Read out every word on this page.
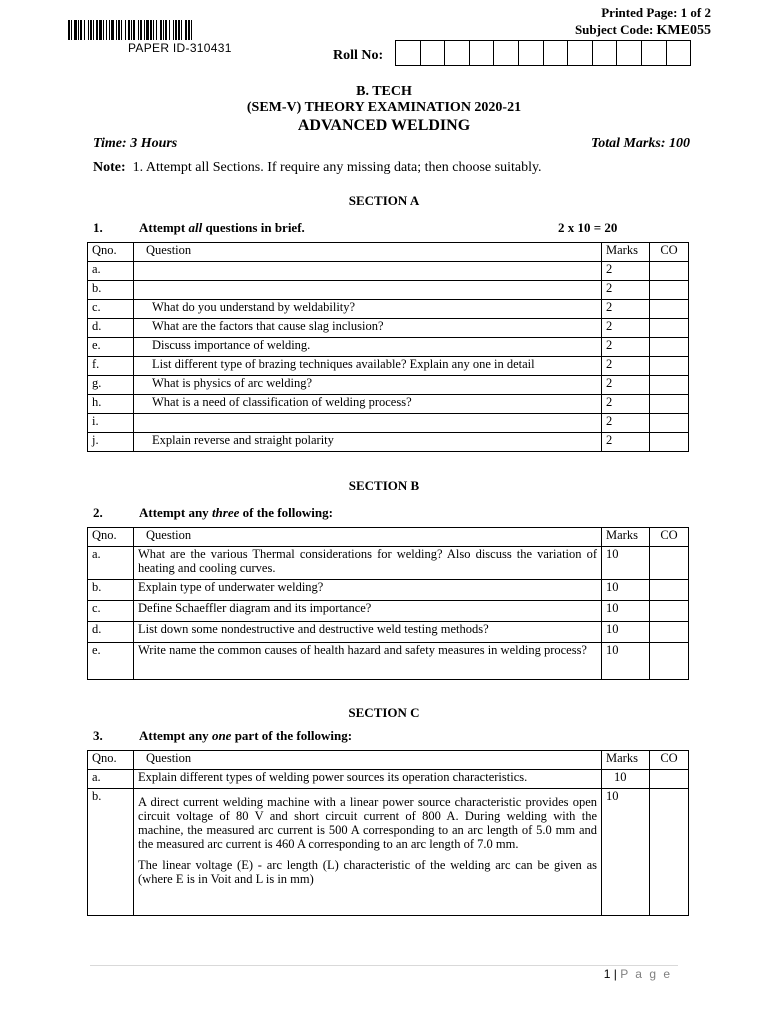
PAPER ID-310431
Printed Page: 1 of 2
Subject Code: KME055
Roll No:
B. TECH
(SEM-V) THEORY EXAMINATION 2020-21
ADVANCED WELDING
Time: 3 Hours	Total Marks: 100
Note: 1. Attempt all Sections. If require any missing data; then choose suitably.
SECTION A
1.	Attempt all questions in brief.	2 x 10 = 20
Qno.	Question	Marks	CO
a.		2	
b.		2	
c.	What do you understand by weldability?	2	
d.	What are the factors that cause slag inclusion?	2	
e.	Discuss importance of welding.	2	
f.	List different type of brazing techniques available? Explain any one in detail	2	
g.	What is physics of arc welding?	2	
h.	What is a need of classification of welding process?	2	
i.		2	
j.	Explain reverse and straight polarity	2	
SECTION B
2.	Attempt any three of the following:
Qno.	Question	Marks	CO
a.	What are the various Thermal considerations for welding? Also discuss the variation of heating and cooling curves.	10	
b.	Explain type of underwater welding?	10	
c.	Define Schaeffler diagram and its importance?	10	
d.	List down some nondestructive and destructive weld testing methods?	10	
e.	Write name the common causes of health hazard and safety measures in welding process?	10	
SECTION C
3.	Attempt any one part of the following:
Qno.	Question	Marks	CO
a.	Explain different types of welding power sources its operation characteristics.	10	
b.	A direct current welding machine with a linear power source characteristic provides open circuit voltage of 80 V and short circuit current of 800 A. During welding with the machine, the measured arc current is 500 A corresponding to an arc length of 5.0 mm and the measured arc current is 460 A corresponding to an arc length of 7.0 mm.
The linear voltage (E) - arc length (L) characteristic of the welding arc can be given as (where E is in Voit and L is in mm)	10	
1 | P a g e
